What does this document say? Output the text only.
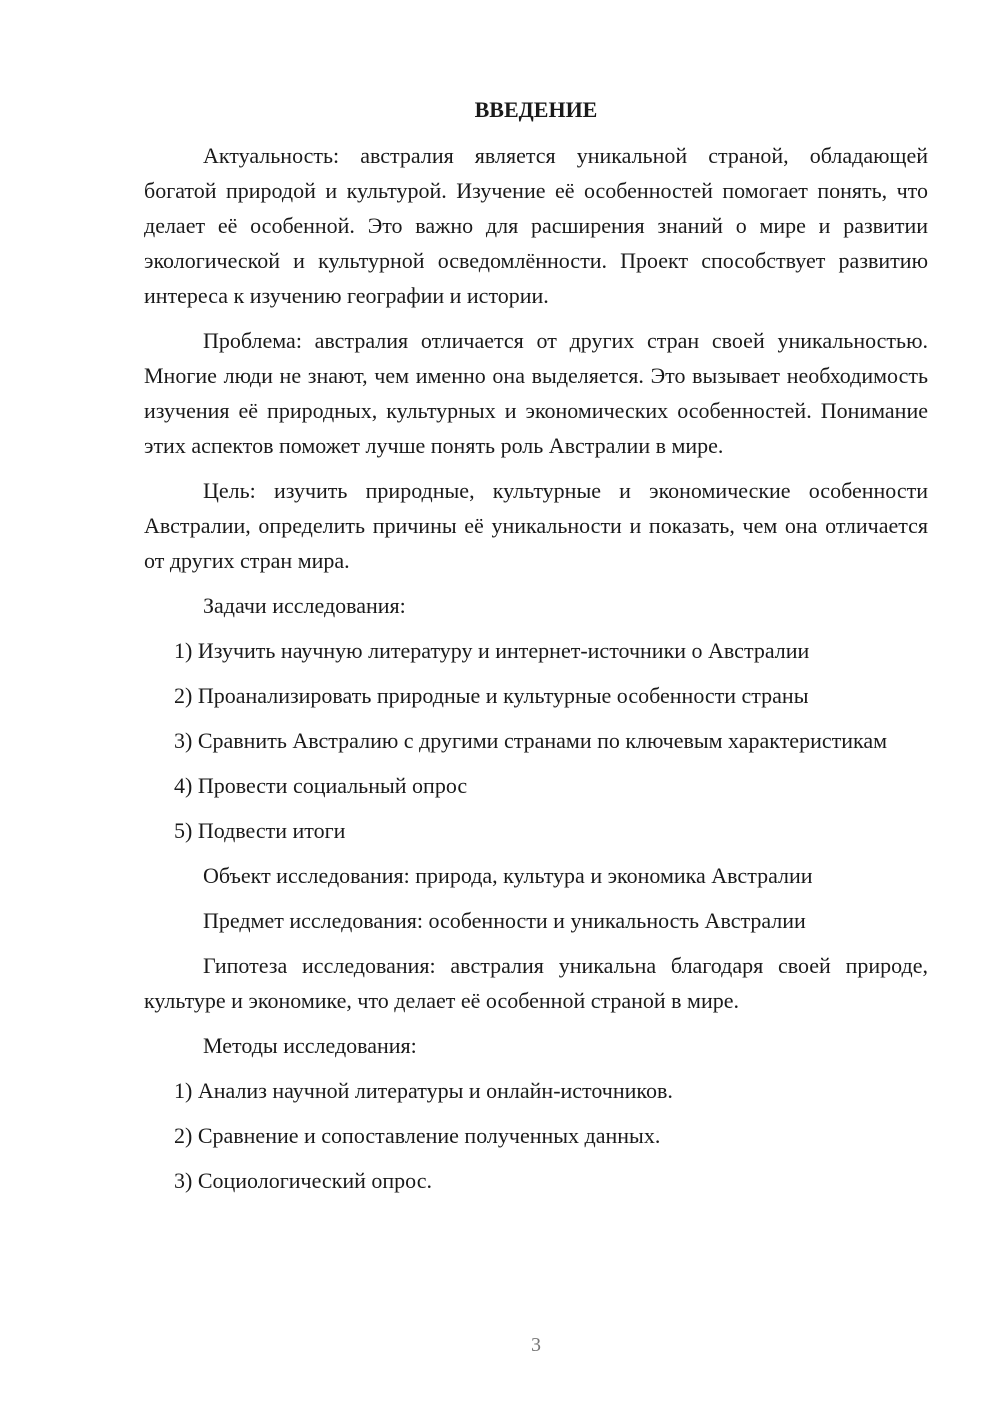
ВВЕДЕНИЕ

Актуальность: австралия является уникальной страной, обладающей богатой природой и культурой. Изучение её особенностей помогает понять, что делает её особенной. Это важно для расширения знаний о мире и развитии экологической и культурной осведомлённости. Проект способствует развитию интереса к изучению географии и истории.

Проблема: австралия отличается от других стран своей уникальностью. Многие люди не знают, чем именно она выделяется. Это вызывает необходимость изучения её природных, культурных и экономических особенностей. Понимание этих аспектов поможет лучше понять роль Австралии в мире.

Цель: изучить природные, культурные и экономические особенности Австралии, определить причины её уникальности и показать, чем она отличается от других стран мира.

Задачи исследования:

1) Изучить научную литературу и интернет-источники о Австралии

2) Проанализировать природные и культурные особенности страны

3) Сравнить Австралию с другими странами по ключевым характеристикам

4) Провести социальный опрос

5) Подвести итоги

Объект исследования: природа, культура и экономика Австралии

Предмет исследования: особенности и уникальность Австралии

Гипотеза исследования: австралия уникальна благодаря своей природе, культуре и экономике, что делает её особенной страной в мире.

Методы исследования:

1) Анализ научной литературы и онлайн-источников.

2) Сравнение и сопоставление полученных данных.

3) Социологический опрос.

3
